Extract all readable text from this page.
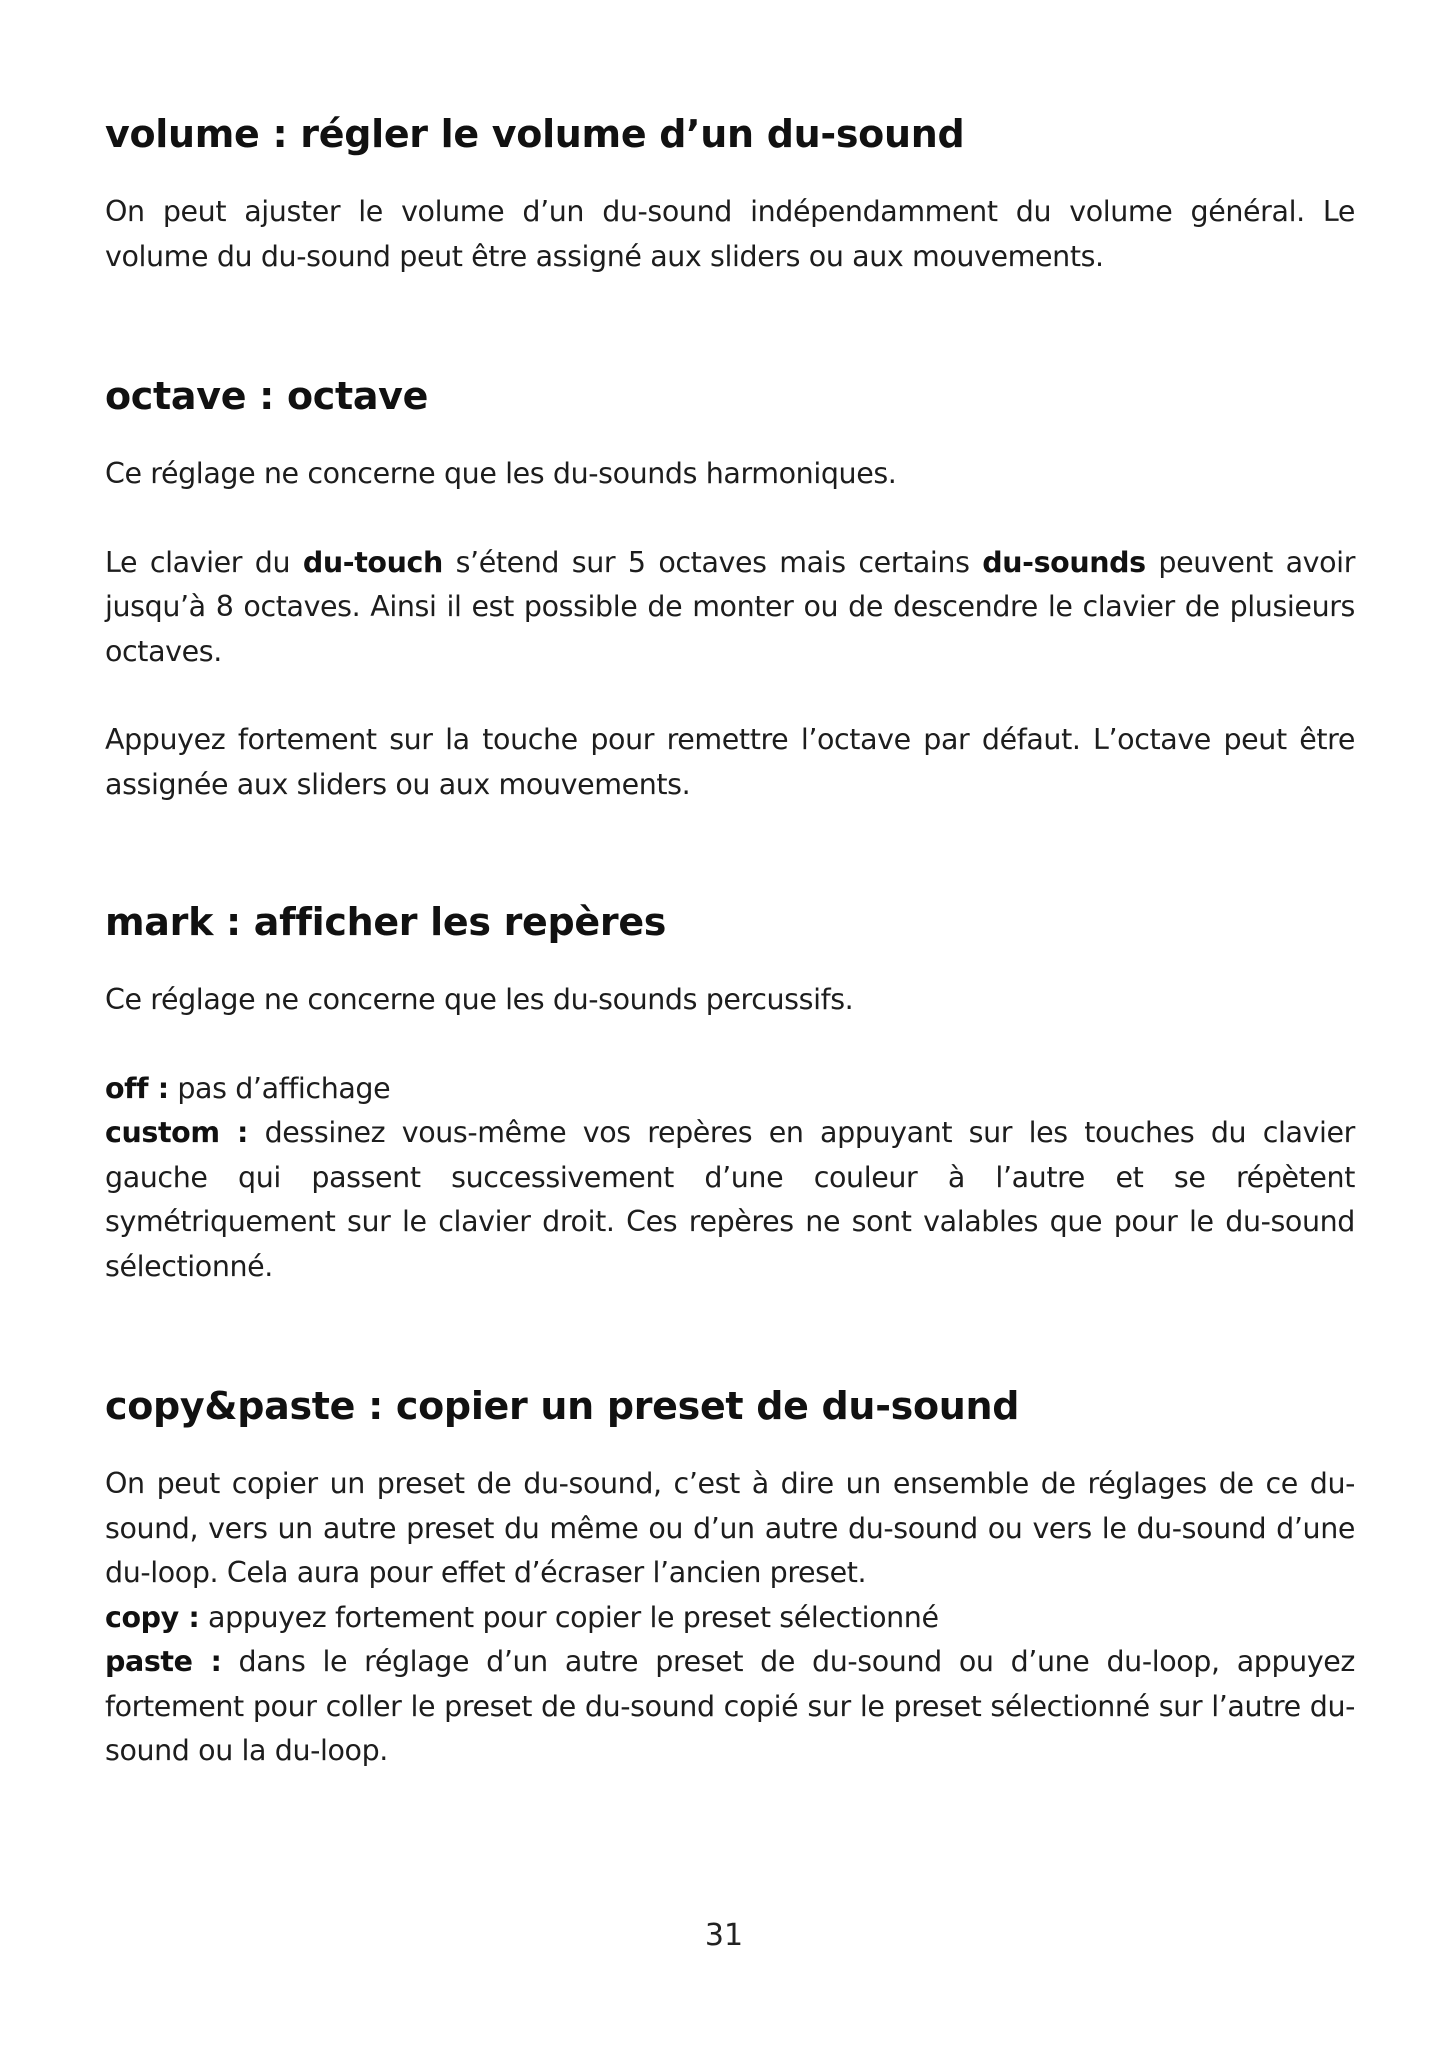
volume : régler le volume d’un du-sound

On peut ajuster le volume d’un du-sound indépendamment du volume général. Le volume du du-sound peut être assigné aux sliders ou aux mouvements.

octave : octave

Ce réglage ne concerne que les du-sounds harmoniques.

Le clavier du du-touch s’étend sur 5 octaves mais certains du-sounds peuvent avoir jusqu’à 8 octaves. Ainsi il est possible de monter ou de descendre le clavier de plusieurs octaves.

Appuyez fortement sur la touche pour remettre l’octave par défaut. L’octave peut être assignée aux sliders ou aux mouvements.

mark : afficher les repères

Ce réglage ne concerne que les du-sounds percussifs.

off : pas d’affichage

custom : dessinez vous-même vos repères en appuyant sur les touches du clavier gauche qui passent successivement d’une couleur à l’autre et se répètent symétriquement sur le clavier droit. Ces repères ne sont valables que pour le du-sound sélectionné.

copy&paste : copier un preset de du-sound

On peut copier un preset de du-sound, c’est à dire un ensemble de réglages de ce du-sound, vers un autre preset du même ou d’un autre du-sound ou vers le du-sound d’une du-loop. Cela aura pour effet d’écraser l’ancien preset.

copy : appuyez fortement pour copier le preset sélectionné

paste : dans le réglage d’un autre preset de du-sound ou d’une du-loop, appuyez fortement pour coller le preset de du-sound copié sur le preset sélectionné sur l’autre du-sound ou la du-loop.

31
